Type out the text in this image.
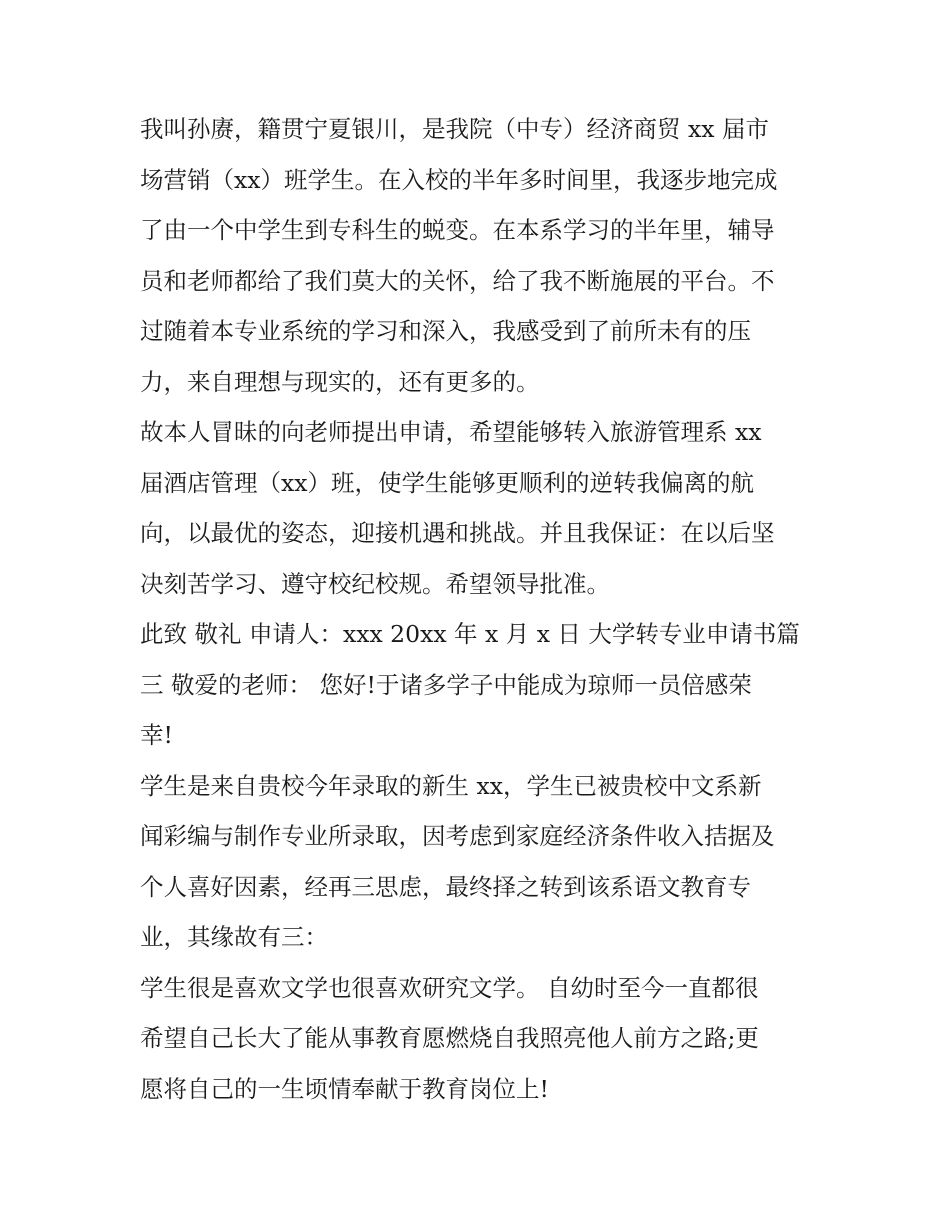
我叫孙赓，籍贯宁夏银川，是我院（中专）经济商贸 xx 届市
场营销（xx）班学生。在入校的半年多时间里，我逐步地完成
了由一个中学生到专科生的蜕变。在本系学习的半年里，辅导
员和老师都给了我们莫大的关怀，给了我不断施展的平台。不
过随着本专业系统的学习和深入，我感受到了前所未有的压
力，来自理想与现实的，还有更多的。

故本人冒昧的向老师提出申请，希望能够转入旅游管理系 xx
届酒店管理（xx）班，使学生能够更顺利的逆转我偏离的航
向，以最优的姿态，迎接机遇和挑战。并且我保证：在以后坚
决刻苦学习、遵守校纪校规。希望领导批准。

此致 敬礼 申请人：xxx 20xx 年 x 月 x 日 大学转专业申请书篇
三 敬爱的老师： 您好!于诸多学子中能成为琼师一员倍感荣
幸!

学生是来自贵校今年录取的新生 xx，学生已被贵校中文系新
闻彩编与制作专业所录取，因考虑到家庭经济条件收入拮据及
个人喜好因素，经再三思虑，最终择之转到该系语文教育专
业，其缘故有三：

学生很是喜欢文学也很喜欢研究文学。 自幼时至今一直都很
希望自己长大了能从事教育愿燃烧自我照亮他人前方之路;更
愿将自己的一生顷情奉献于教育岗位上!
